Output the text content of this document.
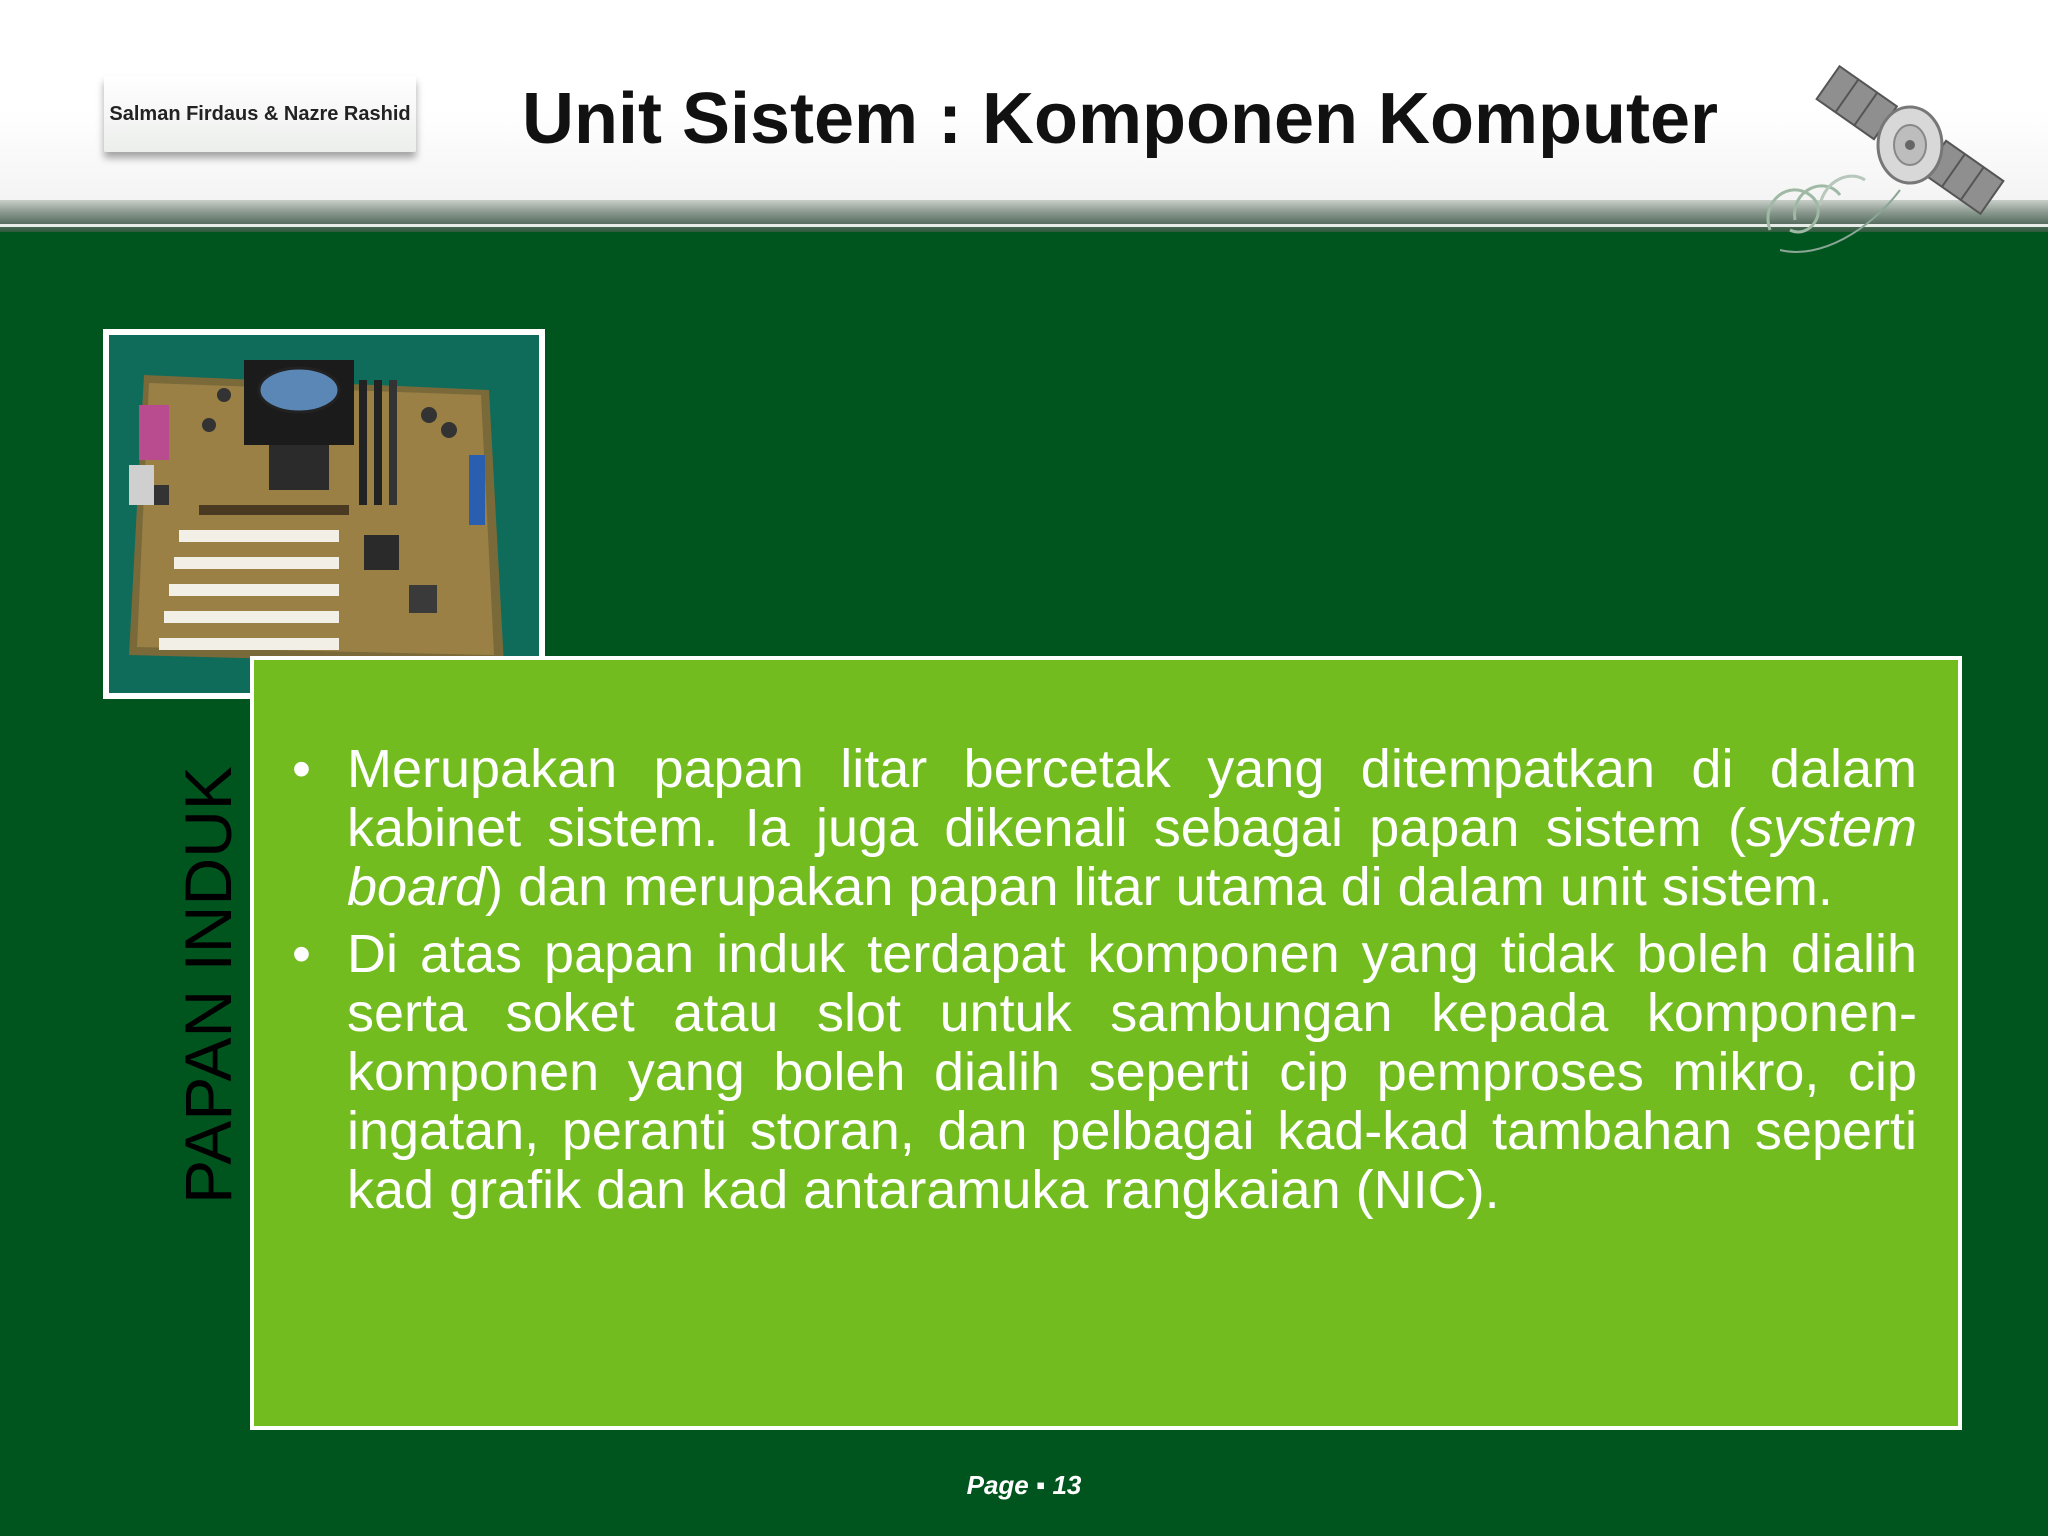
Salman Firdaus & Nazre Rashid Unit Sistem : Komponen Komputer
PAPAN INDUK • Merupakan papan litar bercetak yang ditempatkan di dalam kabinet sistem. Ia juga dikenali sebagai papan sistem (system board) dan merupakan papan litar utama di dalam unit sistem.
• Di atas papan induk terdapat komponen yang tidak boleh dialih serta soket atau slot untuk sambungan kepada komponen-komponen yang boleh dialih seperti cip pemproses mikro, cip ingatan, peranti storan, dan pelbagai kad-kad tambahan seperti kad grafik dan kad antaramuka rangkaian (NIC).
Page ▪ 13
